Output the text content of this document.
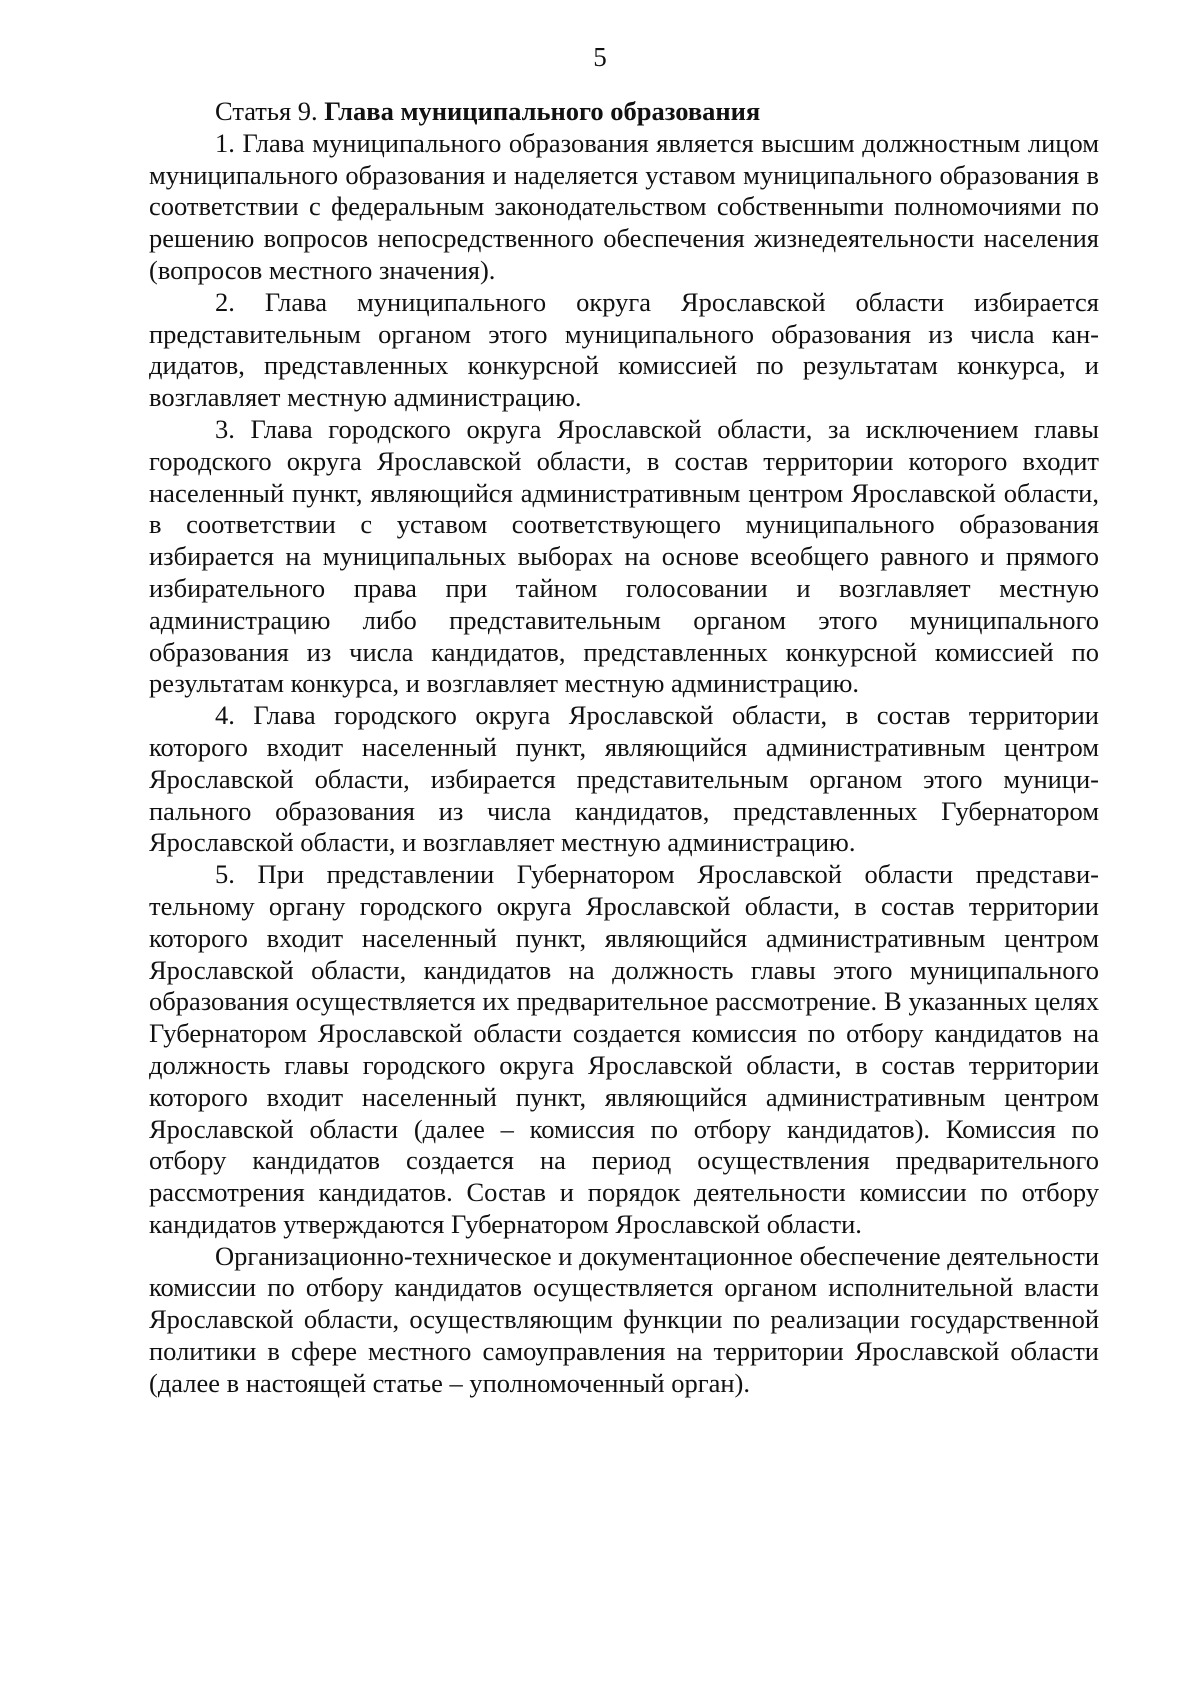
5
Статья 9. Глава муниципального образования

1. Глава муниципального образования является высшим должностным лицом муниципального образования и наделяется уставом муниципального образования в соответствии с федеральным законодательством собственныmи полномочиями по решению вопросов непосредственного обеспечения жизнедеятельности населения (вопросов местного значения).

2. Глава муниципального округа Ярославской области избирается представительным органом этого муниципального образования из числа кандидатов, представленных конкурсной комиссией по результатам конкурса, и возглавляет местную администрацию.

3. Глава городского округа Ярославской области, за исключением главы городского округа Ярославской области, в состав территории которого входит населенный пункт, являющийся административным центром Ярославской области, в соответствии с уставом соответствующего муниципального образования избирается на муниципальных выборах на основе всеобщего равного и прямого избирательного права при тайном голосовании и возглавляет местную администрацию либо представительным органом этого муниципального образования из числа кандидатов, представленных конкурсной комиссией по результатам конкурса, и возглавляет местную администрацию.

4. Глава городского округа Ярославской области, в состав территории которого входит населенный пункт, являющийся административным центром Ярославской области, избирается представительным органом этого муниципального образования из числа кандидатов, представленных Губернатором Ярославской области, и возглавляет местную администрацию.

5. При представлении Губернатором Ярославской области представительному органу городского округа Ярославской области, в состав территории которого входит населенный пункт, являющийся административным центром Ярославской области, кандидатов на должность главы этого муниципального образования осуществляется их предварительное рассмотрение. В указанных целях Губернатором Ярославской области создается комиссия по отбору кандидатов на должность главы городского округа Ярославской области, в состав территории которого входит населенный пункт, являющийся административным центром Ярославской области (далее – комиссия по отбору кандидатов). Комиссия по отбору кандидатов создается на период осуществления предварительного рассмотрения кандидатов. Состав и порядок деятельности комиссии по отбору кандидатов утверждаются Губернатором Ярославской области.

Организационно-техническое и документационное обеспечение деятельности комиссии по отбору кандидатов осуществляется органом исполнительной власти Ярославской области, осуществляющим функции по реализации государственной политики в сфере местного самоуправления на территории Ярославской области (далее в настоящей статье – уполномоченный орган).
